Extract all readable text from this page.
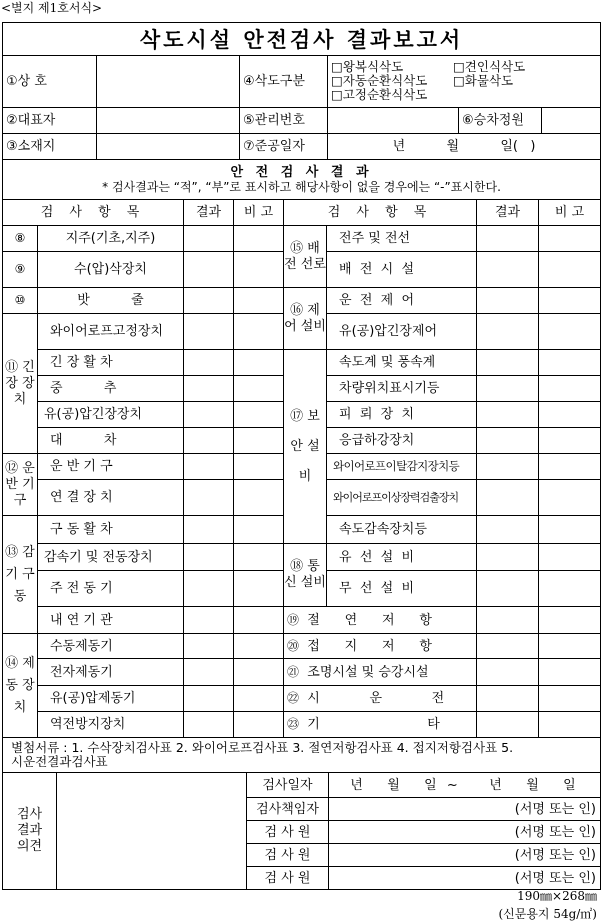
<별지 제1호서식>
삭도시설 안전검사 결과보고서					
①상 호		④삭도구분	□왕복식삭도 □견인식삭도
□자동순환식삭도 □화물삭도
□고정순환식삭도		

②대표자		⑤관리번호		⑥승차정원	
③소재지		⑦준공일자	년          월          일(   )		

안 전 검 사 결 과
* 검사결과는 “적”, “부”로 표시하고 해당사항이 없을 경우에는 “-”표시한다.					
검 사 항 목		결과	비 고	검 사 항 목		결과	비 고
⑧	지주(기초,지주)			⑮ 배전 선로	전주 및 전선		
⑨	수(압)삭장치				배  전  시  설		
⑩	밧          줄			⑯ 제어 설비	운  전  제  어		
⑪ 긴장 장치	와이어로프고정장치				유(공)압긴장제어		
	긴 장 활 차			⑰ 보 안 설 비	속도계 및 풍속계		
	중          추				차량위치표시기등		
	유(공)압긴장장치				피  뢰  장  치		
	대          차				응급하강장치		
⑫ 운반 기구	운 반 기 구				와이어로프이탈감지장치등		
	연 결 장 치				와이어로프이상장력검출장치		
⑬ 감기 구동	구 동 활 차				속도감속장치등		
	감속기 및 전동장치			⑱ 통신 설비	유  선  설  비		
	주 전 동 기				무  선  설  비		
	내 연 기 관			⑲ 절      연      저      항			
⑭ 제동 장치	수동제동기			⑳ 접      지      저      항			
	전자제동기			㉑ 조명시설 및 승강시설			
	유(공)압제동기			㉒ 시            운            전			
	역전방지장치			㉓ 기                          타			
별첨서류 : 1. 수삭장치검사표 2. 와이어로프검사표 3. 절연저항검사표 4. 접지저항검사표 5. 시운전결과검사표							
검사 결과 의견		검사일자	년   월   일 ~    년   월   일
		검사책임자	(서명 또는 인)
		검 사 원	(서명 또는 인)
		검 사 원	(서명 또는 인)
		검 사 원	(서명 또는 인)
190㎜×268㎜
(신문용지 54g/㎡)
